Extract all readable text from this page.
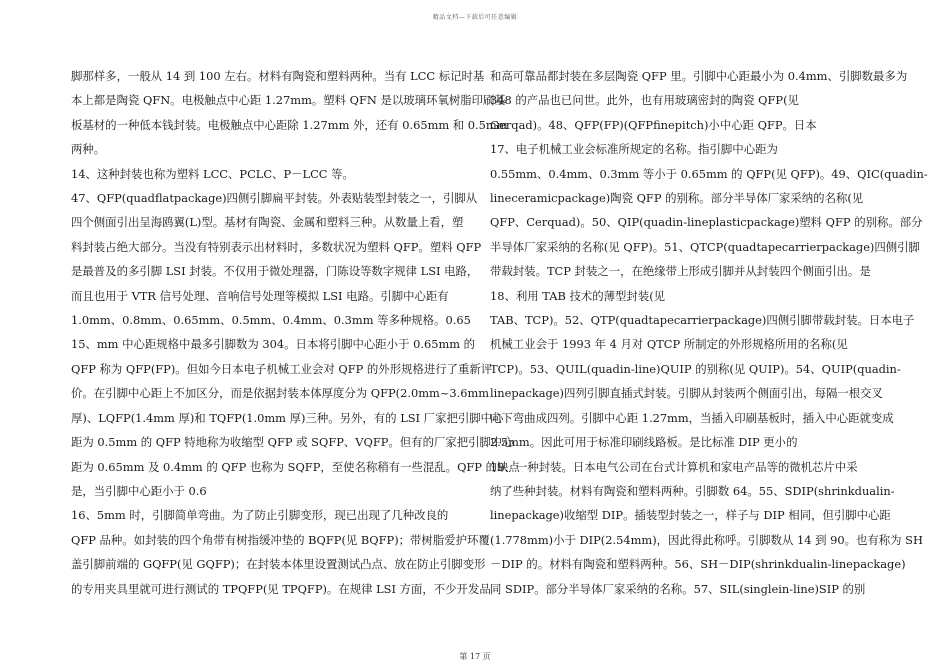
精品文档—下载后可任意编辑

脚那样多，一般从 14 到 100 左右。材料有陶瓷和塑料两种。当有 LCC 标记时基

本上都是陶瓷 QFN。电极触点中心距 1.27mm。塑料 QFN 是以玻璃环氧树脂印刷基

板基材的一种低本钱封装。电极触点中心距除 1.27mm 外，还有 0.65mm 和 0.5mm

两种。

14、这种封装也称为塑料 LCC、PCLC、P－LCC 等。

47、QFP(quadflatpackage)四侧引脚扁平封装。外表贴装型封装之一，引脚从

四个侧面引出呈海鸥翼(L)型。基材有陶瓷、金属和塑料三种。从数量上看，塑

料封装占绝大部分。当没有特别表示出材料时，多数状况为塑料 QFP。塑料 QFP

是最普及的多引脚 LSI 封装。不仅用于微处理器，门陈设等数字规律 LSI 电路，

而且也用于 VTR 信号处理、音响信号处理等模拟 LSI 电路。引脚中心距有

1.0mm、0.8mm、0.65mm、0.5mm、0.4mm、0.3mm 等多种规格。0.65

15、mm 中心距规格中最多引脚数为 304。日本将引脚中心距小于 0.65mm 的

QFP 称为 QFP(FP)。但如今日本电子机械工业会对 QFP 的外形规格进行了重新评

价。在引脚中心距上不加区分，而是依据封装本体厚度分为 QFP(2.0mm~3.6mm

厚)、LQFP(1.4mm 厚)和 TQFP(1.0mm 厚)三种。另外，有的 LSI 厂家把引脚中心

距为 0.5mm 的 QFP 特地称为收缩型 QFP 或 SQFP、VQFP。但有的厂家把引脚中心

距为 0.65mm 及 0.4mm 的 QFP 也称为 SQFP，至使名称稍有一些混乱。QFP 的缺点

是，当引脚中心距小于 0.6

16、5mm 时，引脚简单弯曲。为了防止引脚变形，现已出现了几种改良的

QFP 品种。如封装的四个角带有树指缓冲垫的 BQFP(见 BQFP)；带树脂爱护环覆

盖引脚前端的 GQFP(见 GQFP)；在封装本体里设置测试凸点、放在防止引脚变形

的专用夹具里就可进行测试的 TPQFP(见 TPQFP)。在规律 LSI 方面，不少开发品

和高可靠品都封装在多层陶瓷 QFP 里。引脚中心距最小为 0.4mm、引脚数最多为

348 的产品也已问世。此外，也有用玻璃密封的陶瓷 QFP(见

Gerqad)。48、QFP(FP)(QFPfinepitch)小中心距 QFP。日本

17、电子机械工业会标准所规定的名称。指引脚中心距为

0.55mm、0.4mm、0.3mm 等小于 0.65mm 的 QFP(见 QFP)。49、QIC(quadin-

lineceramicpackage)陶瓷 QFP 的别称。部分半导体厂家采纳的名称(见

QFP、Cerquad)。50、QIP(quadin-lineplasticpackage)塑料 QFP 的别称。部分

半导体厂家采纳的名称(见 QFP)。51、QTCP(quadtapecarrierpackage)四侧引脚

带载封装。TCP 封装之一，在绝缘带上形成引脚并从封装四个侧面引出。是

18、利用 TAB 技术的薄型封装(见

TAB、TCP)。52、QTP(quadtapecarrierpackage)四侧引脚带载封装。日本电子

机械工业会于 1993 年 4 月对 QTCP 所制定的外形规格所用的名称(见

TCP)。53、QUIL(quadin-line)QUIP 的别称(见 QUIP)。54、QUIP(quadin-

linepackage)四列引脚直插式封装。引脚从封装两个侧面引出，每隔一根交叉

向下弯曲成四列。引脚中心距 1.27mm，当插入印刷基板时，插入中心距就变成

2.5mm。因此可用于标准印刷线路板。是比标准 DIP 更小的

19、一种封装。日本电气公司在台式计算机和家电产品等的微机芯片中采

纳了些种封装。材料有陶瓷和塑料两种。引脚数 64。55、SDIP(shrinkdualin-

linepackage)收缩型 DIP。插装型封装之一，样子与 DIP 相同，但引脚中心距

(1.778mm)小于 DIP(2.54mm)，因此得此称呼。引脚数从 14 到 90。也有称为 SH

－DIP 的。材料有陶瓷和塑料两种。56、SH－DIP(shrinkdualin-linepackage)

同 SDIP。部分半导体厂家采纳的名称。57、SIL(singlein-line)SIP 的别

第 17 页
